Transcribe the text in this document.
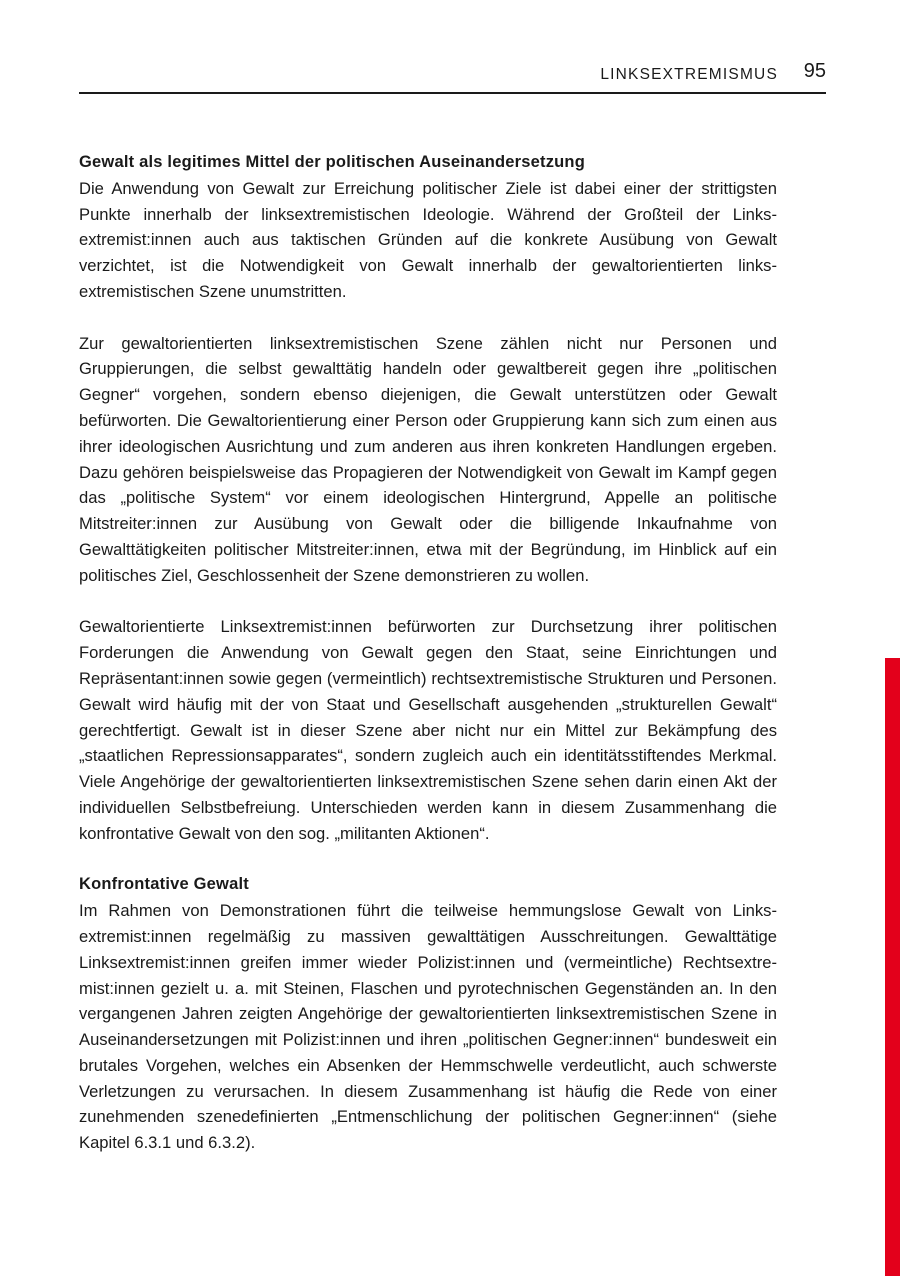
LINKSEXTREMISMUS 95
Gewalt als legitimes Mittel der politischen Auseinandersetzung

Die Anwendung von Gewalt zur Erreichung politischer Ziele ist dabei einer der strittigsten Punkte innerhalb der linksextremistischen Ideologie. Während der Großteil der Linksextremist:innen auch aus taktischen Gründen auf die konkrete Ausübung von Gewalt verzichtet, ist die Notwendigkeit von Gewalt innerhalb der gewaltorientierten linksextremistischen Szene unumstritten.

Zur gewaltorientierten linksextremistischen Szene zählen nicht nur Personen und Gruppierungen, die selbst gewalttätig handeln oder gewaltbereit gegen ihre „politischen Gegner“ vorgehen, sondern ebenso diejenigen, die Gewalt unterstützen oder Gewalt befürworten. Die Gewaltorientierung einer Person oder Gruppierung kann sich zum einen aus ihrer ideologischen Ausrichtung und zum anderen aus ihren konkreten Handlungen ergeben. Dazu gehören beispielsweise das Propagieren der Notwendigkeit von Gewalt im Kampf gegen das „politische System“ vor einem ideologischen Hintergrund, Appelle an politische Mitstreiter:innen zur Ausübung von Gewalt oder die billigende Inkaufnahme von Gewalttätigkeiten politischer Mitstreiter:innen, etwa mit der Begründung, im Hinblick auf ein politisches Ziel, Geschlossenheit der Szene demonstrieren zu wollen.

Gewaltorientierte Linksextremist:innen befürworten zur Durchsetzung ihrer politischen Forderungen die Anwendung von Gewalt gegen den Staat, seine Einrichtungen und Repräsentant:innen sowie gegen (vermeintlich) rechtsextremistische Strukturen und Personen. Gewalt wird häufig mit der von Staat und Gesellschaft ausgehenden „strukturellen Gewalt“ gerechtfertigt. Gewalt ist in dieser Szene aber nicht nur ein Mittel zur Bekämpfung des „staatlichen Repressionsapparates“, sondern zugleich auch ein identitätsstiftendes Merkmal. Viele Angehörige der gewaltorientierten linksextremistischen Szene sehen darin einen Akt der individuellen Selbstbefreiung. Unterschieden werden kann in diesem Zusammenhang die konfrontative Gewalt von den sog. „militanten Aktionen“.

Konfrontative Gewalt

Im Rahmen von Demonstrationen führt die teilweise hemmungslose Gewalt von Linksextremist:innen regelmäßig zu massiven gewalttätigen Ausschreitungen. Gewalttätige Linksextremist:innen greifen immer wieder Polizist:innen und (vermeintliche) Rechtsextremist:innen gezielt u. a. mit Steinen, Flaschen und pyrotechnischen Gegenständen an. In den vergangenen Jahren zeigten Angehörige der gewaltorientierten linksextremistischen Szene in Auseinandersetzungen mit Polizist:innen und ihren „politischen Gegner:innen“ bundesweit ein brutales Vorgehen, welches ein Absenken der Hemmschwelle verdeutlicht, auch schwerste Verletzungen zu verursachen. In diesem Zusammenhang ist häufig die Rede von einer zunehmenden szenedefinierten „Entmenschlichung der politischen Gegner:innen“ (siehe Kapitel 6.3.1 und 6.3.2).
